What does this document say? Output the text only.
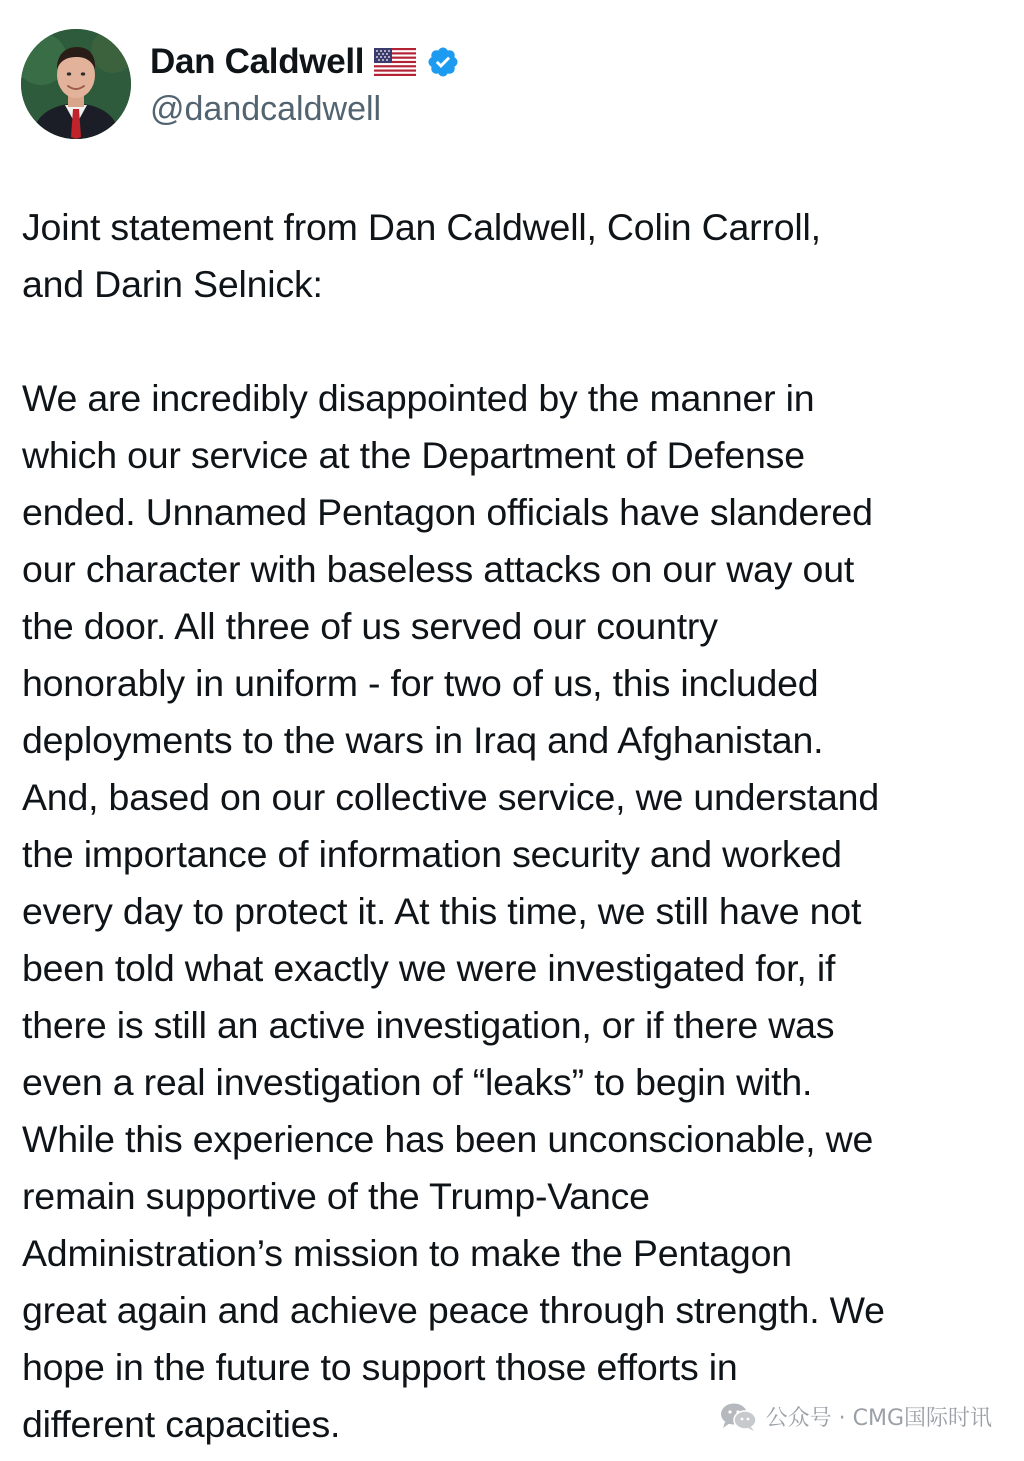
Dan Caldwell
@dandcaldwell

Joint statement from Dan Caldwell, Colin Carroll,
and Darin Selnick:

We are incredibly disappointed by the manner in
which our service at the Department of Defense
ended. Unnamed Pentagon officials have slandered
our character with baseless attacks on our way out
the door. All three of us served our country
honorably in uniform - for two of us, this included
deployments to the wars in Iraq and Afghanistan.
And, based on our collective service, we understand
the importance of information security and worked
every day to protect it. At this time, we still have not
been told what exactly we were investigated for, if
there is still an active investigation, or if there was
even a real investigation of “leaks” to begin with.
While this experience has been unconscionable, we
remain supportive of the Trump-Vance
Administration’s mission to make the Pentagon
great again and achieve peace through strength. We
hope in the future to support those efforts in
different capacities.	公众号 · CMG国际时讯
